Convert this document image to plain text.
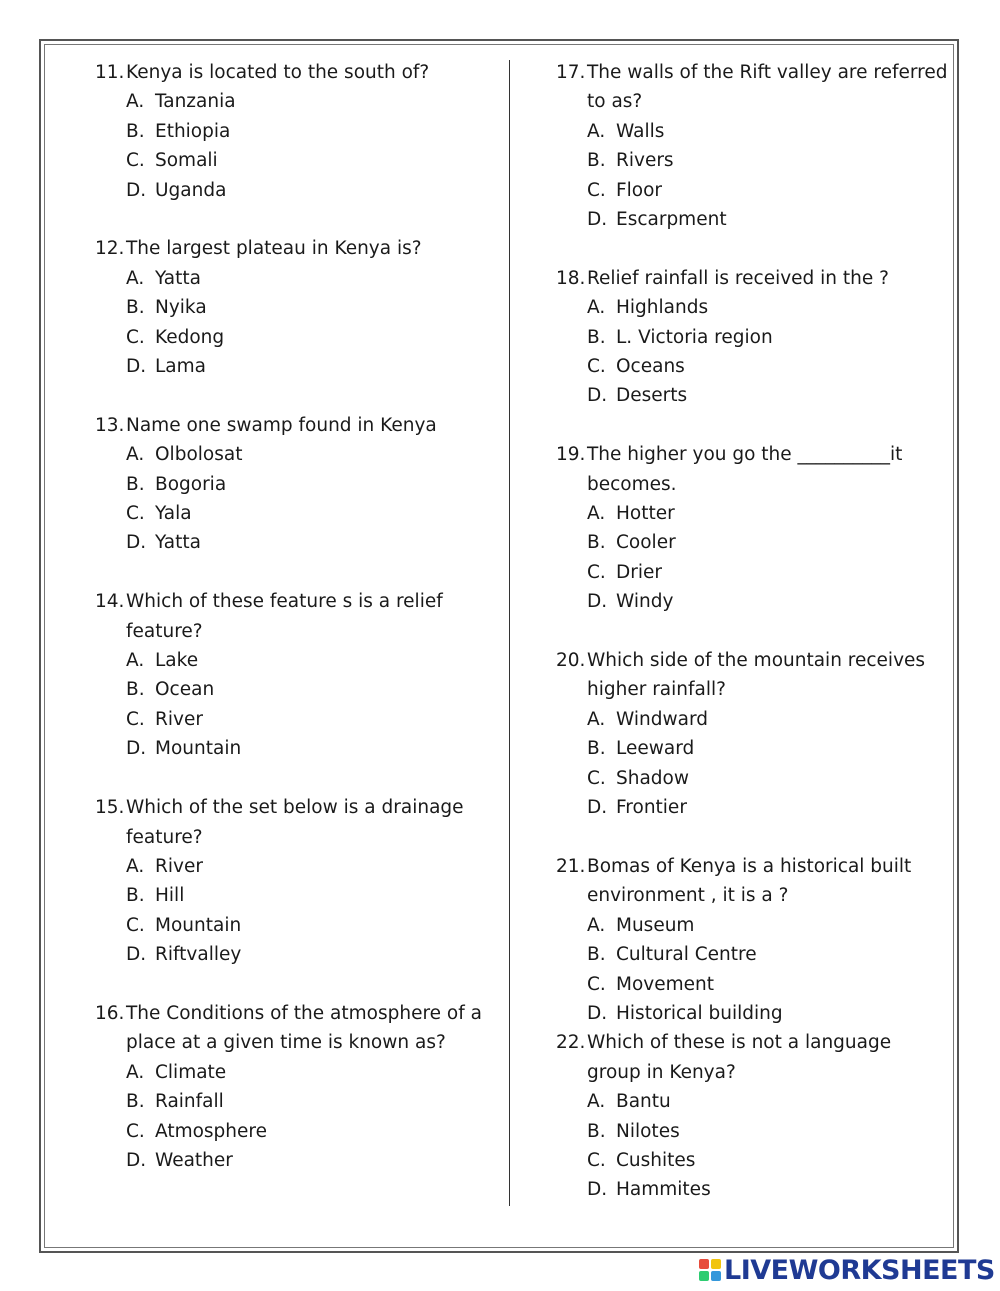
11. Kenya is located to the south of?
A. Tanzania
B. Ethiopia
C. Somali
D. Uganda
12. The largest plateau in Kenya is?
A. Yatta
B. Nyika
C. Kedong
D. Lama
13. Name one swamp found in Kenya
A. Olbolosat
B. Bogoria
C. Yala
D. Yatta
14. Which of these feature s is a relief feature?
A. Lake
B. Ocean
C. River
D. Mountain
15. Which of the set below is a drainage feature?
A. River
B. Hill
C. Mountain
D. Riftvalley
16. The Conditions of the atmosphere of a place at a given time is known as?
A. Climate
B. Rainfall
C. Atmosphere
D. Weather
17. The walls of the Rift valley are referred to as?
A. Walls
B. Rivers
C. Floor
D. Escarpment
18. Relief rainfall is received in the ?
A. Highlands
B. L. Victoria region
C. Oceans
D. Deserts
19. The higher you go the __________it becomes.
A. Hotter
B. Cooler
C. Drier
D. Windy
20. Which side of the mountain receives higher rainfall?
A. Windward
B. Leeward
C. Shadow
D. Frontier
21. Bomas of Kenya is a historical built environment , it is a ?
A. Museum
B. Cultural Centre
C. Movement
D. Historical building
22. Which of these is not a language group in Kenya?
A. Bantu
B. Nilotes
C. Cushites
D. Hammites
LIVEWORKSHEETS
